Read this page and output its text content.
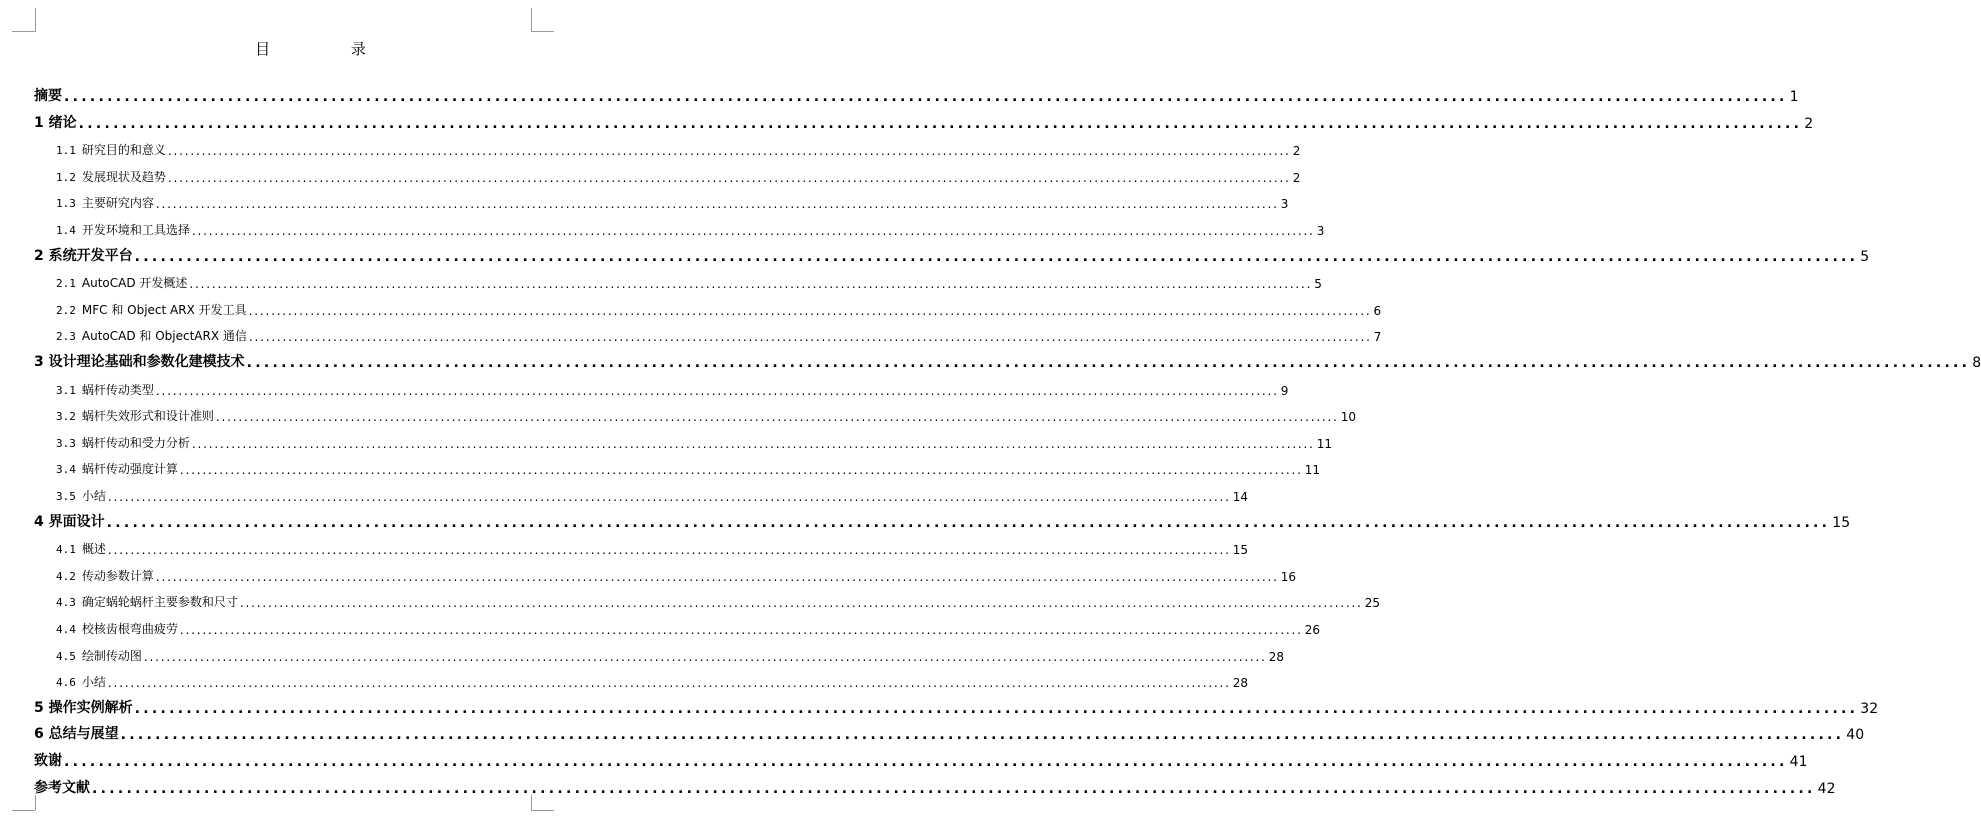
目 录
摘要 ........................................................................................................................................................................................................ 1
1 绪论 ........................................................................................................................................................................................................ 2
1.1 研究目的和意义 ........................................................................................................................................................................................................ 2
1.2 发展现状及趋势 ........................................................................................................................................................................................................ 2
1.3 主要研究内容 ........................................................................................................................................................................................................ 3
1.4 开发环境和工具选择 ........................................................................................................................................................................................................ 3
2 系统开发平台 ........................................................................................................................................................................................................ 5
2.1 AutoCAD 开发概述 ........................................................................................................................................................................................................ 5
2.2 MFC 和 Object ARX 开发工具 ........................................................................................................................................................................................................ 6
2.3 AutoCAD 和 ObjectARX 通信 ........................................................................................................................................................................................................ 7
3 设计理论基础和参数化建模技术 ........................................................................................................................................................................................................ 8
3.1 蜗杆传动类型 ........................................................................................................................................................................................................ 9
3.2 蜗杆失效形式和设计准则 ........................................................................................................................................................................................................ 10
3.3 蜗杆传动和受力分析 ........................................................................................................................................................................................................ 11
3.4 蜗杆传动强度计算 ........................................................................................................................................................................................................ 11
3.5 小结 ........................................................................................................................................................................................................ 14
4 界面设计 ........................................................................................................................................................................................................ 15
4.1 概述 ........................................................................................................................................................................................................ 15
4.2 传动参数计算 ........................................................................................................................................................................................................ 16
4.3 确定蜗轮蜗杆主要参数和尺寸 ........................................................................................................................................................................................................ 25
4.4 校核齿根弯曲疲劳 ........................................................................................................................................................................................................ 26
4.5 绘制传动图 ........................................................................................................................................................................................................ 28
4.6 小结 ........................................................................................................................................................................................................ 28
5 操作实例解析 ........................................................................................................................................................................................................ 32
6 总结与展望 ........................................................................................................................................................................................................ 40
致谢 ........................................................................................................................................................................................................ 41
参考文献 ........................................................................................................................................................................................................ 42
